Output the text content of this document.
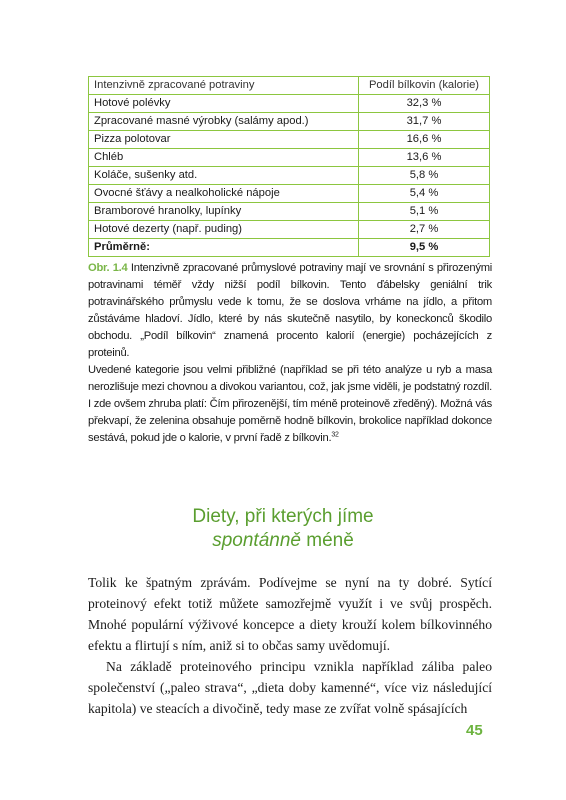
Intenzivně zpracované potraviny	Podíl bílkovin (kalorie)
Hotové polévky	32,3 %
Zpracované masné výrobky (salámy apod.)	31,7 %
Pizza polotovar	16,6 %
Chléb	13,6 %
Koláče, sušenky atd.	5,8 %
Ovocné šťávy a nealkoholické nápoje	5,4 %
Bramborové hranolky, lupínky	5,1 %
Hotové dezerty (např. puding)	2,7 %
Průměrně:	9,5 %

Obr. 1.4 Intenzivně zpracované průmyslové potraviny mají ve srovnání s přirozenými potravinami téměř vždy nižší podíl bílkovin. Tento ďábelsky geniální trik potravinářského průmyslu vede k tomu, že se doslova vrháme na jídlo, a přitom zůstáváme hladoví. Jídlo, které by nás skutečně nasytilo, by koneckonců škodilo obchodu. „Podíl bílkovin“ znamená procento kalorií (energie) pocházejících z proteinů.

Uvedené kategorie jsou velmi přibližné (například se při této analýze u ryb a masa nerozlišuje mezi chovnou a divokou variantou, což, jak jsme viděli, je podstatný rozdíl. I zde ovšem zhruba platí: Čím přirozenější, tím méně proteinově zředěný). Možná vás překvapí, že zelenina obsahuje poměrně hodně bílkovin, brokolice například dokonce sestává, pokud jde o kalorie, v první řadě z bílkovin.$^{32}$

Diety, při kterých jíme
spontánně méně

Tolik ke špatným zprávám. Podívejme se nyní na ty dobré. Sytící proteinový efekt totiž můžete samozřejmě využít i ve svůj prospěch. Mnohé populární výživové koncepce a diety krouží kolem bílkovinného efektu a flirtují s ním, aniž si to občas samy uvědomují.

Na základě proteinového principu vznikla například záliba paleo společenství („paleo strava“, „dieta doby kamenné“, více viz následující kapitola) ve steacích a divočině, tedy mase ze zvířat volně spásajících

45
